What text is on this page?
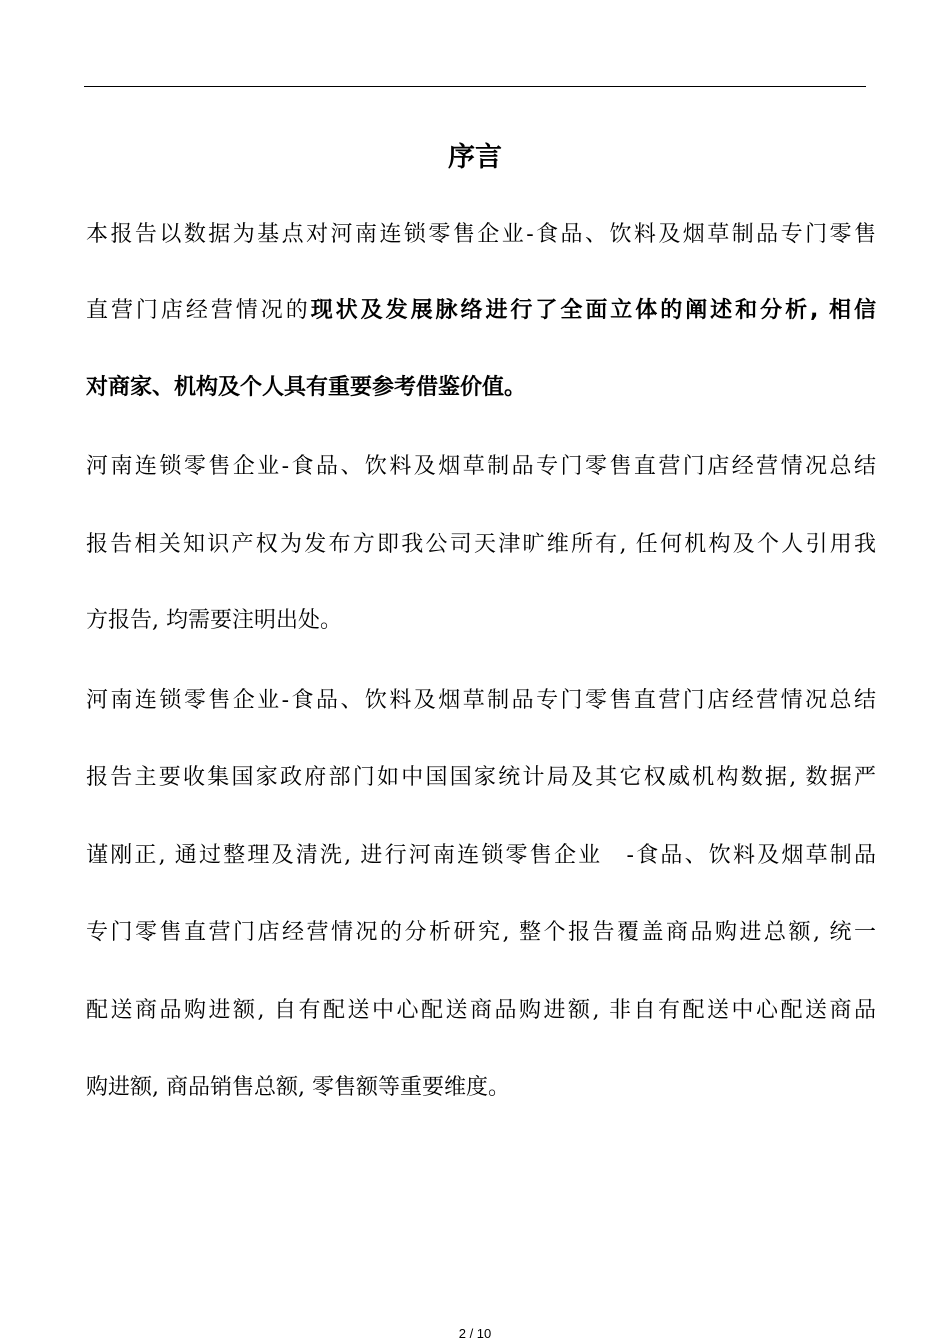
序言

本报告以数据为基点对河南连锁零售企业-食品、饮料及烟草制品专门零售

直营门店经营情况的现状及发展脉络进行了全面立体的阐述和分析, 相信

对商家、机构及个人具有重要参考借鉴价值。

河南连锁零售企业-食品、饮料及烟草制品专门零售直营门店经营情况总结

报告相关知识产权为发布方即我公司天津旷维所有, 任何机构及个人引用我

方报告, 均需要注明出处。

河南连锁零售企业-食品、饮料及烟草制品专门零售直营门店经营情况总结

报告主要收集国家政府部门如中国国家统计局及其它权威机构数据, 数据严

谨刚正, 通过整理及清洗, 进行河南连锁零售企业　-食品、饮料及烟草制品

专门零售直营门店经营情况的分析研究, 整个报告覆盖商品购进总额, 统一

配送商品购进额, 自有配送中心配送商品购进额, 非自有配送中心配送商品

购进额, 商品销售总额, 零售额等重要维度。

2 / 10
